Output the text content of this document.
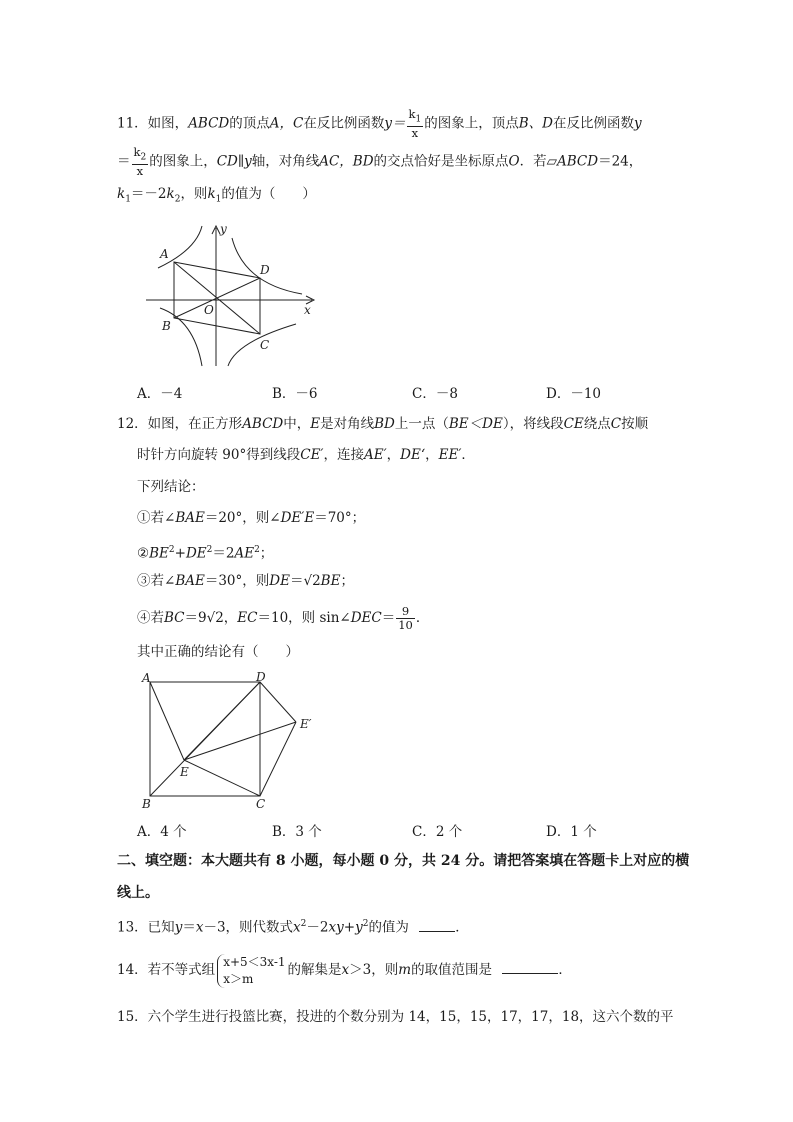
11．如图，ABCD的顶点A，C在反比例函数$y= \frac{k_1}{x}$ 的图象上，顶点B、D在反比例函数y
＝ $\frac{k_2}{x}$ 的图象上，CD∥y轴，对角线AC，BD的交点恰好是坐标原点O．若▱ABCD＝24，
$k_1=-2k_2$，则$k_1$的值为（　　）
y
x
A
B
C
D
O
A．－4	B．－6	C．－8	D．－10
12．如图，在正方形ABCD中，E是对角线BD上一点（BE＜DE），将线段CE绕点C按顺
时针方向旋转 90°得到线段CE′，连接AE′，DE‘，EE′．
下列结论：
①若∠BAE＝20°，则∠DE′E＝70°；
$②BE^2+DE^2=2AE^2$；
③若∠BAE＝30°，则DE＝√2BE；
④若BC＝9√2，EC＝10，则 sin∠DEC＝ $\frac{9}{10}$ ．
其中正确的结论有（　　）
A	D
E′
E
B	C
A．4 个	B．3 个	C．2 个	D．1 个
二、填空题：本大题共有 8 小题，每小题 0 分，共 24 分。请把答案填在答题卡上对应的横
线上。
13．已知y＝x－3，则代数式$x^2-2xy+y^2$的值为	．
14．若不等式组
x+5＜3x-1
x＞m
的解集是x＞3，则m的取值范围是	．
15．六个学生进行投篮比赛，投进的个数分别为 14，15，15，17，17，18，这六个数的平
